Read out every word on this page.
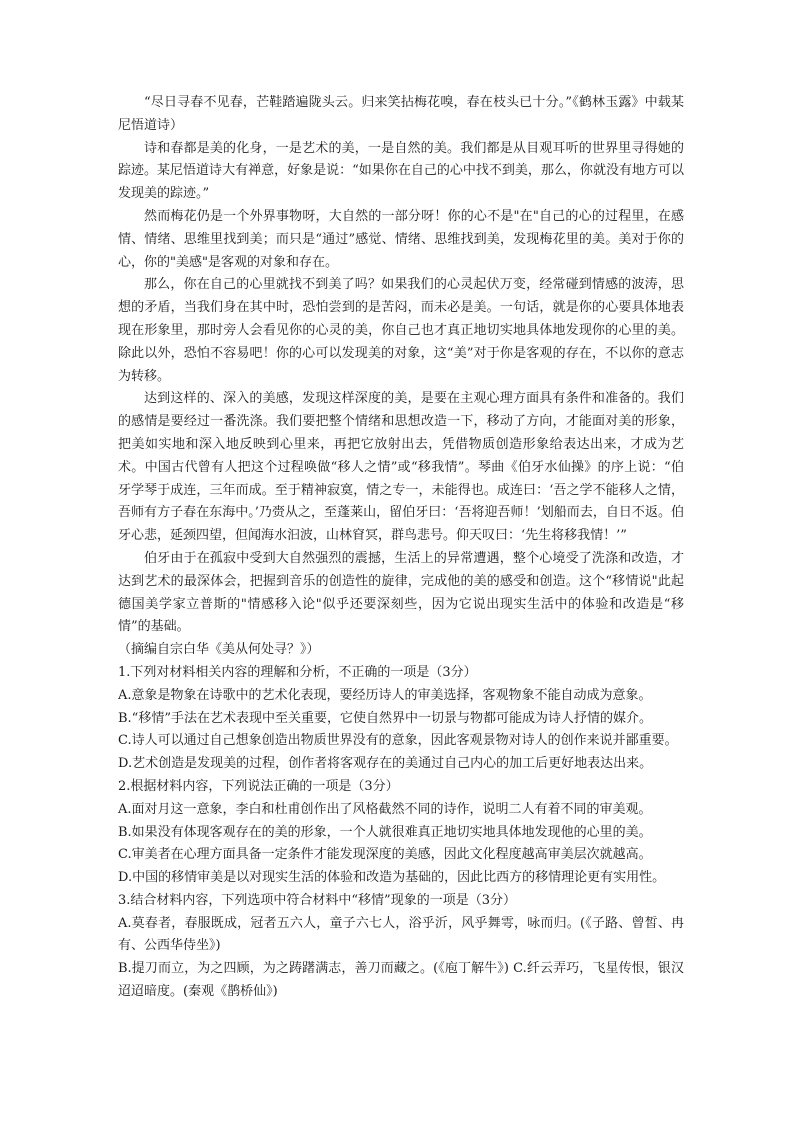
“尽日寻春不见春，芒鞋踏遍陇头云。归来笑拈梅花嗅，春在枝头已十分。”《鹤林玉露》中载某尼悟道诗）

诗和春都是美的化身，一是艺术的美，一是自然的美。我们都是从目观耳听的世界里寻得她的踪迹。某尼悟道诗大有禅意，好象是说：“如果你在自己的心中找不到美，那么，你就没有地方可以发现美的踪迹。”

然而梅花仍是一个外界事物呀，大自然的一部分呀！你的心不是"在"自己的心的过程里，在感情、情绪、思维里找到美；而只是“通过”感觉、情绪、思维找到美，发现梅花里的美。美对于你的心，你的"美感"是客观的对象和存在。

那么，你在自己的心里就找不到美了吗？如果我们的心灵起伏万变，经常碰到情感的波涛，思想的矛盾，当我们身在其中时，恐怕尝到的是苦闷，而未必是美。一句话，就是你的心要具体地表现在形象里，那时旁人会看见你的心灵的美，你自己也才真正地切实地具体地发现你的心里的美。除此以外，恐怕不容易吧！你的心可以发现美的对象，这“美”对于你是客观的存在，不以你的意志为转移。

达到这样的、深入的美感，发现这样深度的美，是要在主观心理方面具有条件和准备的。我们的感情是要经过一番洗涤。我们要把整个情绪和思想改造一下，移动了方向，才能面对美的形象，把美如实地和深入地反映到心里来，再把它放射出去，凭借物质创造形象给表达出来，才成为艺术。中国古代曾有人把这个过程唤做“移人之情”或“移我情”。琴曲《伯牙水仙操》的序上说：“伯牙学琴于成连，三年而成。至于精神寂寞，情之专一，未能得也。成连曰：‘吾之学不能移人之情，吾师有方子春在东海中。’乃赍从之，至蓬莱山，留伯牙曰：‘吾将迎吾师！’划船而去，自日不返。伯牙心悲，延颈四望，但闻海水汩波，山林窅冥，群鸟悲号。仰天叹曰：‘先生将移我情！’”

伯牙由于在孤寂中受到大自然强烈的震撼，生活上的异常遭遇，整个心境受了洗涤和改造，才达到艺术的最深体会，把握到音乐的创造性的旋律，完成他的美的感受和创造。这个“移情说"此起德国美学家立普斯的"情感移入论"似乎还要深刻些，因为它说出现实生活中的体验和改造是“移情”的基础。

（摘编自宗白华《美从何处寻？》）

1.下列对材料相关内容的理解和分析，不正确的一项是（3分）

A.意象是物象在诗歌中的艺术化表现，要经历诗人的审美选择，客观物象不能自动成为意象。

B.“移情”手法在艺术表现中至关重要，它使自然界中一切景与物都可能成为诗人抒情的媒介。

C.诗人可以通过自己想象创造出物质世界没有的意象，因此客观景物对诗人的创作来说并鄙重要。

D.艺术创造是发现美的过程，创作者将客观存在的美通过自己内心的加工后更好地表达出来。

2.根据材料内容，下列说法正确的一项是（3分）

A.面对月这一意象，李白和杜甫创作出了风格截然不同的诗作，说明二人有着不同的审美观。

B.如果没有体现客观存在的美的形象，一个人就很难真正地切实地具体地发现他的心里的美。

C.审美者在心理方面具备一定条件才能发现深度的美感，因此文化程度越高审美层次就越高。

D.中国的移情审美是以对现实生活的体验和改造为基础的，因此比西方的移情理论更有实用性。

3.结合材料内容，下列选项中符合材料中“移情”现象的一项是（3分）

A.莫春者，春服既成，冠者五六人，童子六七人，浴乎沂，风乎舞雩，咏而归。(《子路、曾皙、冉有、公西华侍坐》)

B.提刀而立，为之四顾，为之踌躇满志，善刀而藏之。(《庖丁解牛》) C.纤云弄巧，飞星传恨，银汉迢迢暗度。(秦观《鹊桥仙》)
